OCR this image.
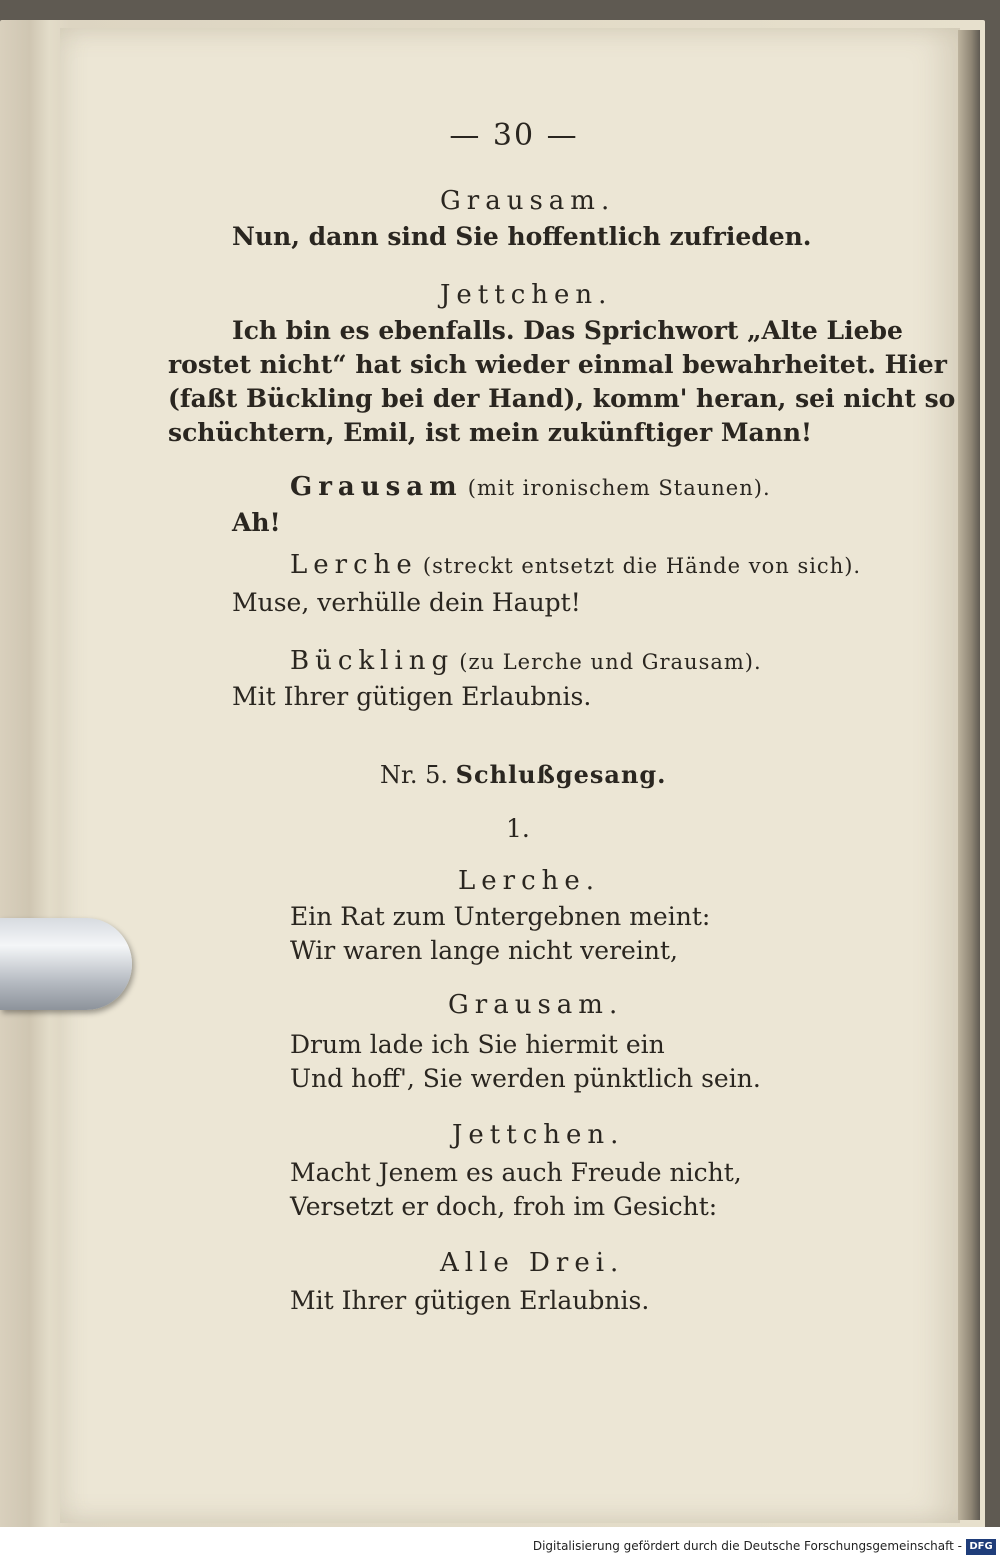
— 30 —
Grausam.
Nun, dann sind Sie hoffentlich zufrieden.
Jettchen.
Ich bin es ebenfalls. Das Sprichwort „Alte Liebe
rostet nicht“ hat sich wieder einmal bewahrheitet. Hier
(faßt Bückling bei der Hand), komm' heran, sei nicht so
schüchtern, Emil, ist mein zukünftiger Mann!
Grausam (mit ironischem Staunen).
Ah!
Lerche (streckt entsetzt die Hände von sich).
Muse, verhülle dein Haupt!
Bückling (zu Lerche und Grausam).
Mit Ihrer gütigen Erlaubnis.
Nr. 5. Schlußgesang.
1.
Lerche.
Ein Rat zum Untergebnen meint:
Wir waren lange nicht vereint,
Grausam.
Drum lade ich Sie hiermit ein
Und hoff', Sie werden pünktlich sein.
Jettchen.
Macht Jenem es auch Freude nicht,
Versetzt er doch, froh im Gesicht:
Alle Drei.
Mit Ihrer gütigen Erlaubnis.
Digitalisierung gefördert durch die Deutsche Forschungsgemeinschaft - DFG
